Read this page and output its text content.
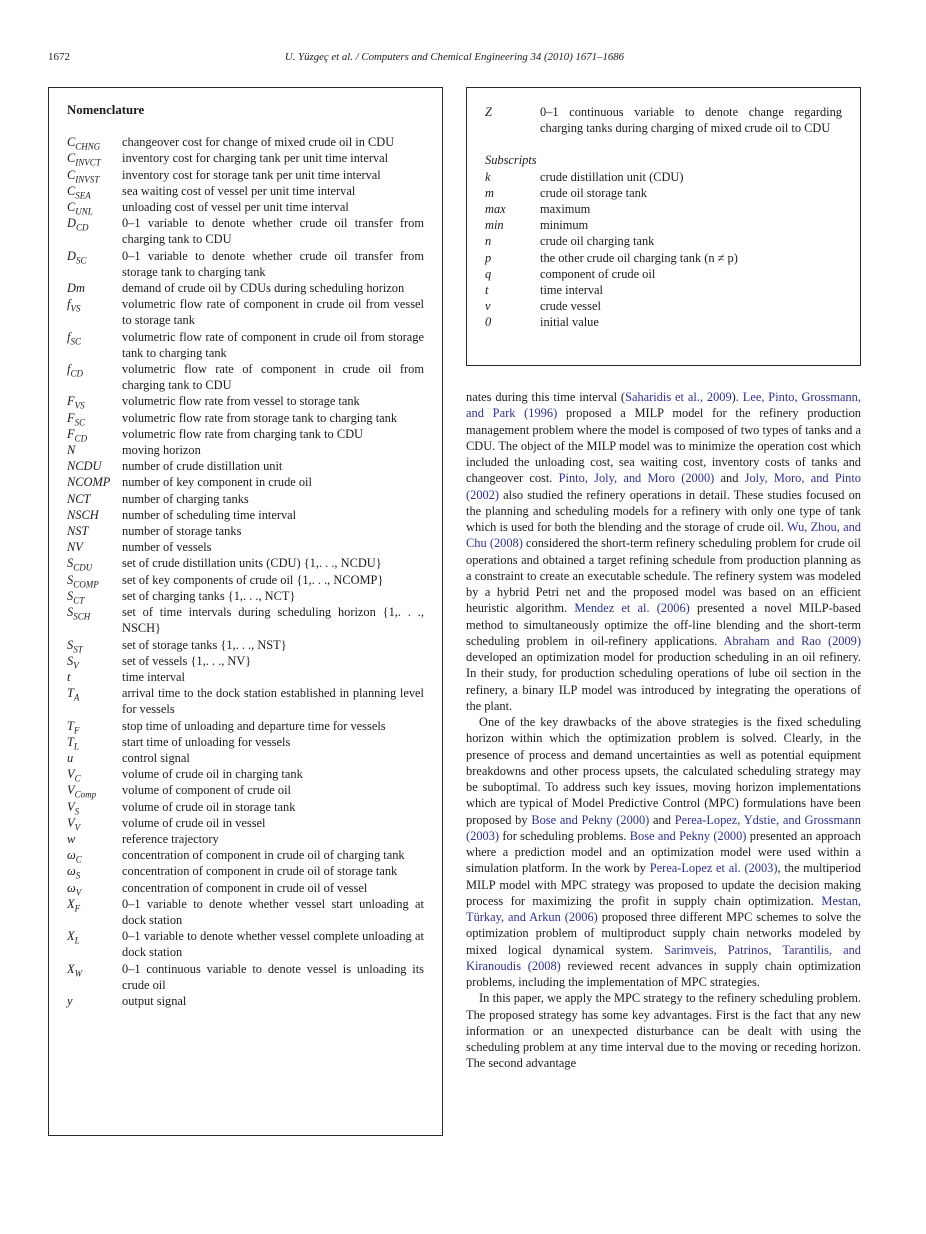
1672	U. Yüzgeç et al. / Computers and Chemical Engineering 34 (2010) 1671–1686
Nomenclature
$C_{CHNG}$	changeover cost for change of mixed crude oil in CDU
$C_{INVCT}$	inventory cost for charging tank per unit time interval
$C_{INVST}$	inventory cost for storage tank per unit time interval
$C_{SEA}$	sea waiting cost of vessel per unit time interval
$C_{UNL}$	unloading cost of vessel per unit time interval
$D_{CD}$	0–1 variable to denote whether crude oil transfer from charging tank to CDU
$D_{SC}$	0–1 variable to denote whether crude oil transfer from storage tank to charging tank
Dm	demand of crude oil by CDUs during scheduling horizon
$f_{VS}$	volumetric flow rate of component in crude oil from vessel to storage tank
$f_{SC}$	volumetric flow rate of component in crude oil from storage tank to charging tank
$f_{CD}$	volumetric flow rate of component in crude oil from charging tank to CDU
$F_{VS}$	volumetric flow rate from vessel to storage tank
$F_{SC}$	volumetric flow rate from storage tank to charging tank
$F_{CD}$	volumetric flow rate from charging tank to CDU
N	moving horizon
NCDU	number of crude distillation unit
NCOMP number of key component in crude oil
NCT	number of charging tanks
NSCH	number of scheduling time interval
NST	number of storage tanks
NV	number of vessels
$S_{CDU}$	set of crude distillation units (CDU) {1,. . ., NCDU}
$S_{COMP}$	set of key components of crude oil {1,. . ., NCOMP}
$S_{CT}$	set of charging tanks {1,. . ., NCT}
$S_{SCH}$	set of time intervals during scheduling horizon {1,. . ., NSCH}
$S_{ST}$	set of storage tanks {1,. . ., NST}
$S_V$	set of vessels {1,. . ., NV}
t	time interval
$T_A$	arrival time to the dock station established in planning level for vessels
$T_F$	stop time of unloading and departure time for vessels
$T_L$	start time of unloading for vessels
u	control signal
$V_C$	volume of crude oil in charging tank
$V_{Comp}$	volume of component of crude oil
$V_S$	volume of crude oil in storage tank
$V_V$	volume of crude oil in vessel
w	reference trajectory
$\omega_C$	concentration of component in crude oil of charging tank
$\omega_S$	concentration of component in crude oil of storage tank
$\omega_V$	concentration of component in crude oil of vessel
$X_F$	0–1 variable to denote whether vessel start unloading at dock station
$X_L$	0–1 variable to denote whether vessel complete unloading at dock station
$X_W$	0–1 continuous variable to denote vessel is unloading its crude oil
y	output signal
Z	0–1 continuous variable to denote change regarding charging tanks during charging of mixed crude oil to CDU
Subscripts
k	crude distillation unit (CDU)
m	crude oil storage tank
max	maximum
min	minimum
n	crude oil charging tank
p	the other crude oil charging tank (n ≠ p)
q	component of crude oil
t	time interval
v	crude vessel
0	initial value

nates during this time interval (Saharidis et al., 2009). Lee, Pinto, Grossmann, and Park (1996) proposed a MILP model for the refinery production management problem where the model is composed of two types of tanks and a CDU. The object of the MILP model was to minimize the operation cost which included the unloading cost, sea waiting cost, inventory costs of tanks and changeover cost. Pinto, Joly, and Moro (2000) and Joly, Moro, and Pinto (2002) also studied the refinery operations in detail. These studies focused on the planning and scheduling models for a refinery with only one type of tank which is used for both the blending and the storage of crude oil. Wu, Zhou, and Chu (2008) considered the short-term refinery scheduling problem for crude oil operations and obtained a target refining schedule from production planning as a constraint to create an executable schedule. The refinery system was modeled by a hybrid Petri net and the proposed model was based on an efficient heuristic algorithm. Mendez et al. (2006) presented a novel MILP-based method to simultaneously optimize the off-line blending and the short-term scheduling problem in oil-refinery applications. Abraham and Rao (2009) developed an optimization model for production scheduling in an oil refinery. In their study, for production scheduling operations of lube oil section in the refinery, a binary ILP model was introduced by integrating the operations of the plant.

One of the key drawbacks of the above strategies is the fixed scheduling horizon within which the optimization problem is solved. Clearly, in the presence of process and demand uncertainties as well as potential equipment breakdowns and other process upsets, the calculated scheduling strategy may be suboptimal. To address such key issues, moving horizon implementations which are typical of Model Predictive Control (MPC) formulations have been proposed by Bose and Pekny (2000) and Perea-Lopez, Ydstie, and Grossmann (2003) for scheduling problems. Bose and Pekny (2000) presented an approach where a prediction model and an optimization model were used within a simulation platform. In the work by Perea-Lopez et al. (2003), the multiperiod MILP model with MPC strategy was proposed to update the decision making process for maximizing the profit in supply chain optimization. Mestan, Türkay, and Arkun (2006) proposed three different MPC schemes to solve the optimization problem of multiproduct supply chain networks modeled by mixed logical dynamical system. Sarimveis, Patrinos, Tarantilis, and Kiranoudis (2008) reviewed recent advances in supply chain optimization problems, including the implementation of MPC strategies.

In this paper, we apply the MPC strategy to the refinery scheduling problem. The proposed strategy has some key advantages. First is the fact that any new information or an unexpected disturbance can be dealt with using the scheduling problem at any time interval due to the moving or receding horizon. The second advantage
